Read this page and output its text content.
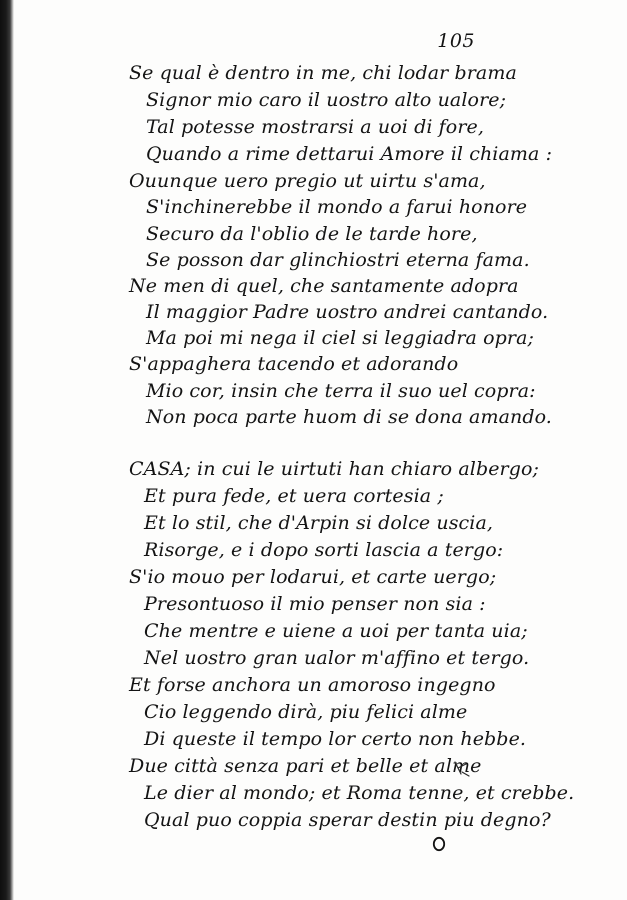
105
Se qual è dentro in me, chi lodar brama
Signor mio caro il uostro alto ualore;
Tal potesse mostrarsi a uoi di fore,
Quando a rime dettarui Amore il chiama :
Ouunque uero pregio ut uirtu s'ama,
S'inchinerebbe il mondo a farui honore
Securo da l'oblio de le tarde hore,
Se posson dar glinchiostri eterna fama.
Ne men di quel, che santamente adopra
Il maggior Padre uostro andrei cantando.
Ma poi mi nega il ciel si leggiadra opra;
S'appaghera tacendo et adorando
Mio cor, insin che terra il suo uel copra:
Non poca parte huom di se dona amando.
CASA; in cui le uirtuti han chiaro albergo;
Et pura fede, et uera cortesia ;
Et lo stil, che d'Arpin si dolce uscia,
Risorge, e i dopo sorti lascia a tergo:
S'io mouo per lodarui, et carte uergo;
Presontuoso il mio penser non sia :
Che mentre e uiene a uoi per tanta uia;
Nel uostro gran ualor m'affino et tergo.
Et forse anchora un amoroso ingegno
Cio leggendo dirà, piu felici alme
Di queste il tempo lor certo non hebbe.
Due città senza pari et belle et alme
Le dier al mondo; et Roma tenne, et crebbe.
Qual puo coppia sperar destin piu degno?
